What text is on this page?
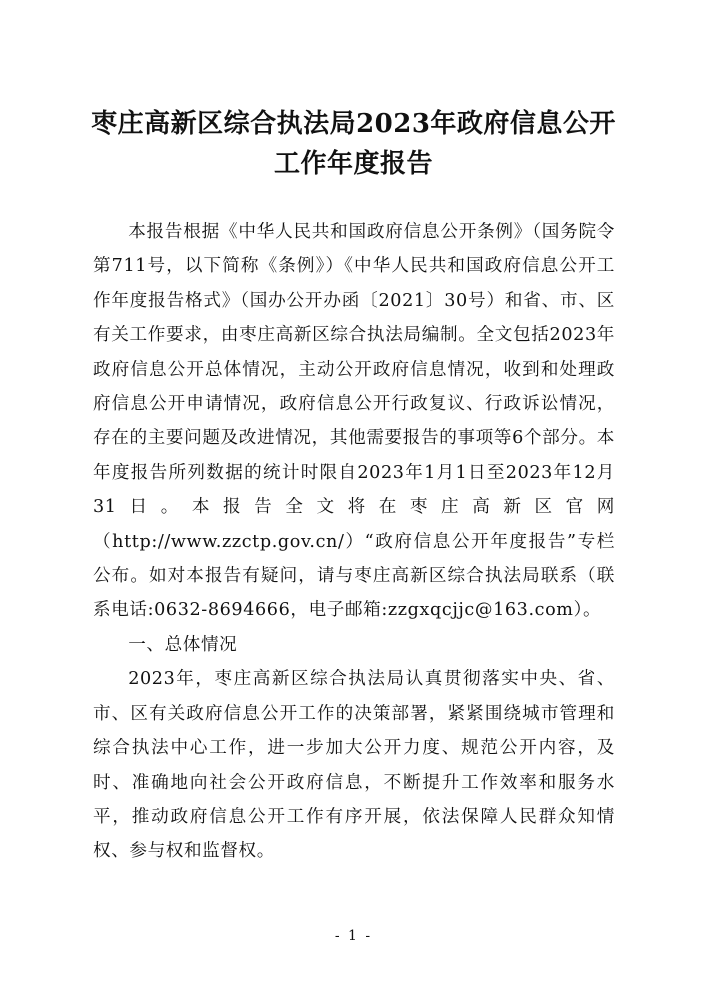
枣庄高新区综合执法局2023年政府信息公开
工作年度报告

本报告根据《中华人民共和国政府信息公开条例》（国务院令第711号，以下简称《条例》）《中华人民共和国政府信息公开工作年度报告格式》（国办公开办函〔2021〕30号）和省、市、区有关工作要求，由枣庄高新区综合执法局编制。全文包括2023年政府信息公开总体情况，主动公开政府信息情况，收到和处理政府信息公开申请情况，政府信息公开行政复议、行政诉讼情况，存在的主要问题及改进情况，其他需要报告的事项等6个部分。本年度报告所列数据的统计时限自2023年1月1日至2023年12月31日。本报告全文将在枣庄高新区官网（http://www.zzctp.gov.cn/）“政府信息公开年度报告”专栏公布。如对本报告有疑问，请与枣庄高新区综合执法局联系（联系电话:0632-8694666，电子邮箱:zzgxqcjjc@163.com）。

一、总体情况

2023年，枣庄高新区综合执法局认真贯彻落实中央、省、市、区有关政府信息公开工作的决策部署，紧紧围绕城市管理和综合执法中心工作，进一步加大公开力度、规范公开内容，及时、准确地向社会公开政府信息，不断提升工作效率和服务水平，推动政府信息公开工作有序开展，依法保障人民群众知情权、参与权和监督权。

- 1 -
